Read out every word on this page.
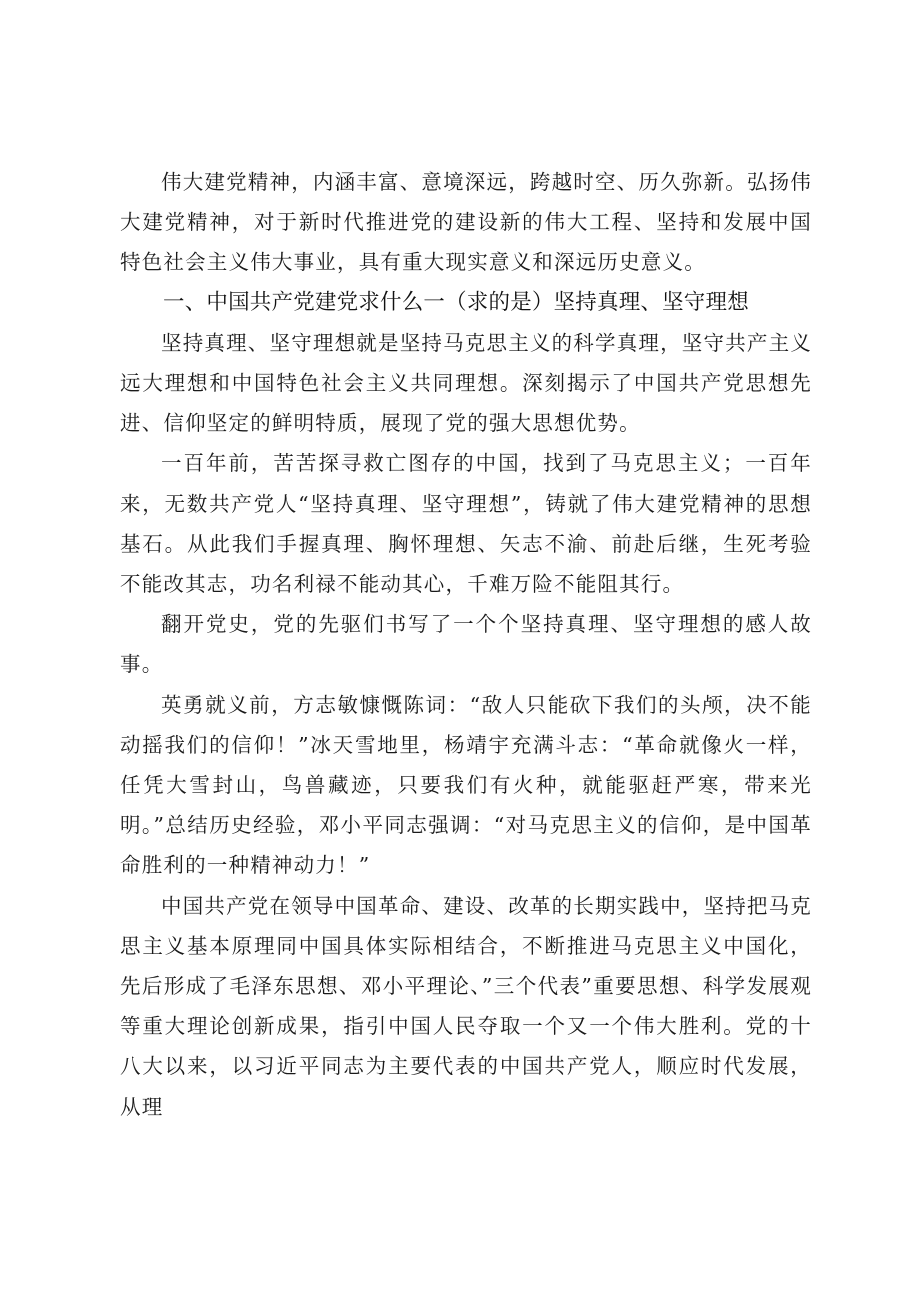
伟大建党精神，内涵丰富、意境深远，跨越时空、历久弥新。弘扬伟大建党精神，对于新时代推进党的建设新的伟大工程、坚持和发展中国特色社会主义伟大事业，具有重大现实意义和深远历史意义。

一、中国共产党建党求什么一（求的是）坚持真理、坚守理想

坚持真理、坚守理想就是坚持马克思主义的科学真理，坚守共产主义远大理想和中国特色社会主义共同理想。深刻揭示了中国共产党思想先进、信仰坚定的鲜明特质，展现了党的强大思想优势。

一百年前，苦苦探寻救亡图存的中国，找到了马克思主义；一百年来，无数共产党人“坚持真理、坚守理想”，铸就了伟大建党精神的思想基石。从此我们手握真理、胸怀理想、矢志不渝、前赴后继，生死考验不能改其志，功名利禄不能动其心，千难万险不能阻其行。

翻开党史，党的先驱们书写了一个个坚持真理、坚守理想的感人故事。

英勇就义前，方志敏慷慨陈词：“敌人只能砍下我们的头颅，决不能动摇我们的信仰！”冰天雪地里，杨靖宇充满斗志：“革命就像火一样，任凭大雪封山，鸟兽藏迹，只要我们有火种，就能驱赶严寒，带来光明。”总结历史经验，邓小平同志强调：“对马克思主义的信仰，是中国革命胜利的一种精神动力！”

中国共产党在领导中国革命、建设、改革的长期实践中，坚持把马克思主义基本原理同中国具体实际相结合，不断推进马克思主义中国化，先后形成了毛泽东思想、邓小平理论、”三个代表”重要思想、科学发展观等重大理论创新成果，指引中国人民夺取一个又一个伟大胜利。党的十八大以来，以习近平同志为主要代表的中国共产党人，顺应时代发展，从理
